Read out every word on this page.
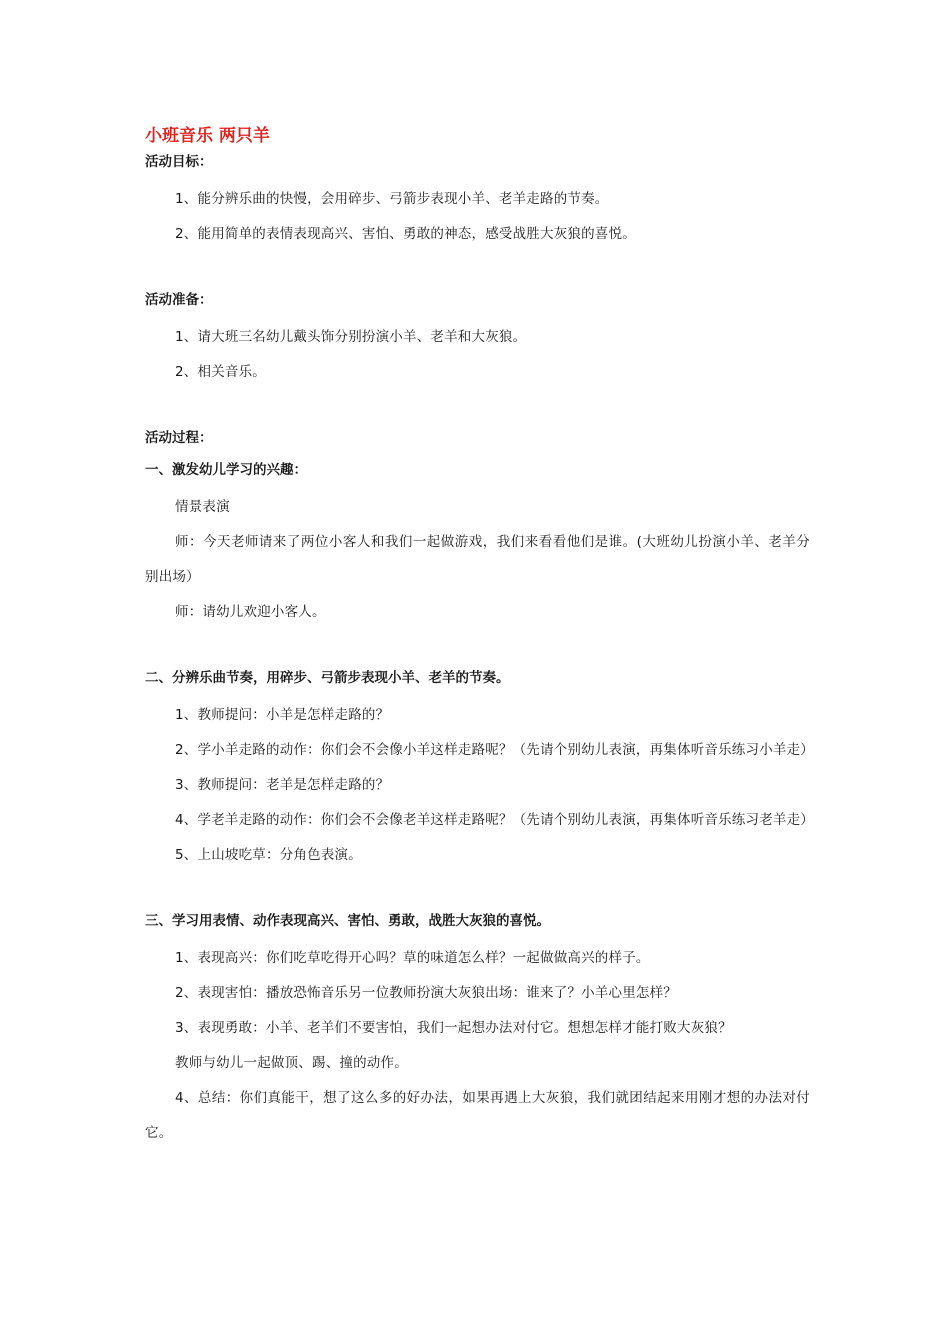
小班音乐 两只羊

活动目标：

1、能分辨乐曲的快慢，会用碎步、弓箭步表现小羊、老羊走路的节奏。

2、能用简单的表情表现高兴、害怕、勇敢的神态，感受战胜大灰狼的喜悦。

活动准备：

1、请大班三名幼儿戴头饰分别扮演小羊、老羊和大灰狼。

2、相关音乐。

活动过程：

一、激发幼儿学习的兴趣：

情景表演

师：今天老师请来了两位小客人和我们一起做游戏，我们来看看他们是谁。(大班幼儿扮演小羊、老羊分别出场）

师：请幼儿欢迎小客人。

二、分辨乐曲节奏，用碎步、弓箭步表现小羊、老羊的节奏。

1、教师提问：小羊是怎样走路的？

2、学小羊走路的动作：你们会不会像小羊这样走路呢？（先请个别幼儿表演，再集体听音乐练习小羊走）

3、教师提问：老羊是怎样走路的？

4、学老羊走路的动作：你们会不会像老羊这样走路呢？（先请个别幼儿表演，再集体听音乐练习老羊走）

5、上山坡吃草：分角色表演。

三、学习用表情、动作表现高兴、害怕、勇敢，战胜大灰狼的喜悦。

1、表现高兴：你们吃草吃得开心吗？草的味道怎么样？一起做做高兴的样子。

2、表现害怕：播放恐怖音乐另一位教师扮演大灰狼出场：谁来了？小羊心里怎样？

3、表现勇敢：小羊、老羊们不要害怕，我们一起想办法对付它。想想怎样才能打败大灰狼？

教师与幼儿一起做顶、踢、撞的动作。

4、总结：你们真能干，想了这么多的好办法，如果再遇上大灰狼，我们就团结起来用刚才想的办法对付它。
